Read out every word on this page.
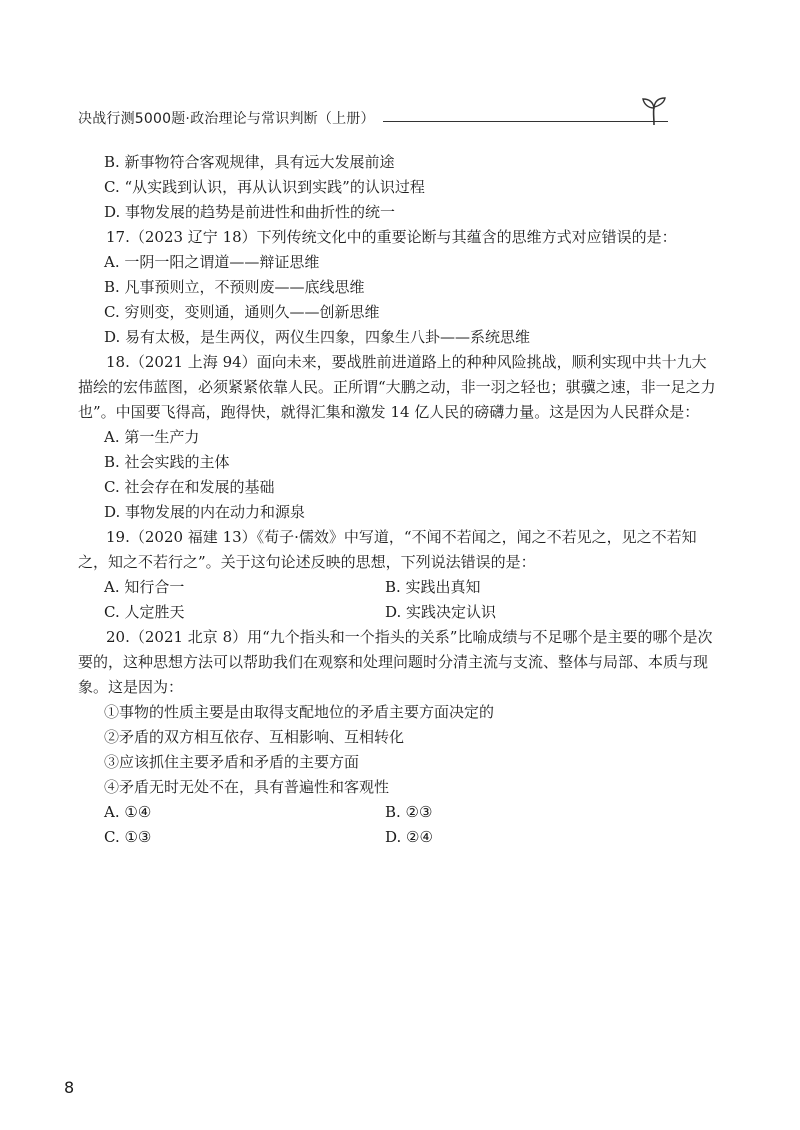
决战行测5000题·政治理论与常识判断（上册）
B. 新事物符合客观规律，具有远大发展前途
C. “从实践到认识，再从认识到实践”的认识过程
D. 事物发展的趋势是前进性和曲折性的统一
17.（2023 辽宁 18）下列传统文化中的重要论断与其蕴含的思维方式对应错误的是：
A. 一阴一阳之谓道——辩证思维
B. 凡事预则立，不预则废——底线思维
C. 穷则变，变则通，通则久——创新思维
D. 易有太极，是生两仪，两仪生四象，四象生八卦——系统思维
18.（2021 上海 94）面向未来，要战胜前进道路上的种种风险挑战，顺利实现中共十九大描绘的宏伟蓝图，必须紧紧依靠人民。正所谓“大鹏之动，非一羽之轻也；骐骥之速，非一足之力也”。中国要飞得高，跑得快，就得汇集和激发 14 亿人民的磅礴力量。这是因为人民群众是：
A. 第一生产力
B. 社会实践的主体
C. 社会存在和发展的基础
D. 事物发展的内在动力和源泉
19.（2020 福建 13）《荀子·儒效》中写道，“不闻不若闻之，闻之不若见之，见之不若知之，知之不若行之”。关于这句论述反映的思想，下列说法错误的是：
A. 知行合一	B. 实践出真知
C. 人定胜天	D. 实践决定认识
20.（2021 北京 8）用“九个指头和一个指头的关系”比喻成绩与不足哪个是主要的哪个是次要的，这种思想方法可以帮助我们在观察和处理问题时分清主流与支流、整体与局部、本质与现象。这是因为：
①事物的性质主要是由取得支配地位的矛盾主要方面决定的
②矛盾的双方相互依存、互相影响、互相转化
③应该抓住主要矛盾和矛盾的主要方面
④矛盾无时无处不在，具有普遍性和客观性
A. ①④	B. ②③
C. ①③	D. ②④
8
